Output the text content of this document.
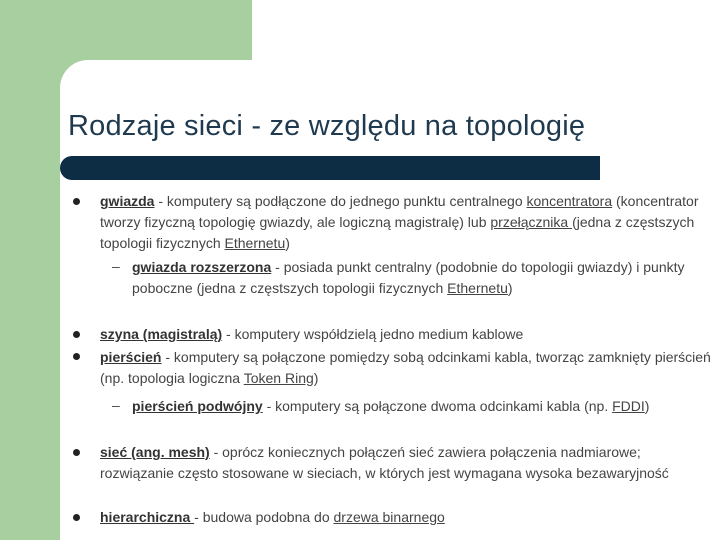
Rodzaje sieci - ze względu na topologię
gwiazda - komputery są podłączone do jednego punktu centralnego koncentratora (koncentrator tworzy fizyczną topologię gwiazdy, ale logiczną magistralę) lub przełącznika (jedna z częstszych topologii fizycznych Ethernetu)
– gwiazda rozszerzona - posiada punkt centralny (podobnie do topologii gwiazdy) i punkty poboczne (jedna z częstszych topologii fizycznych Ethernetu)
szyna (magistralą) - komputery współdzielą jedno medium kablowe
pierścień - komputery są połączone pomiędzy sobą odcinkami kabla, tworząc zamknięty pierścień (np. topologia logiczna Token Ring)
– pierścień podwójny - komputery są połączone dwoma odcinkami kabla (np. FDDI)
sieć (ang. mesh) - oprócz koniecznych połączeń sieć zawiera połączenia nadmiarowe; rozwiązanie często stosowane w sieciach, w których jest wymagana wysoka bezawaryjność
hierarchiczna - budowa podobna do drzewa binarnego
